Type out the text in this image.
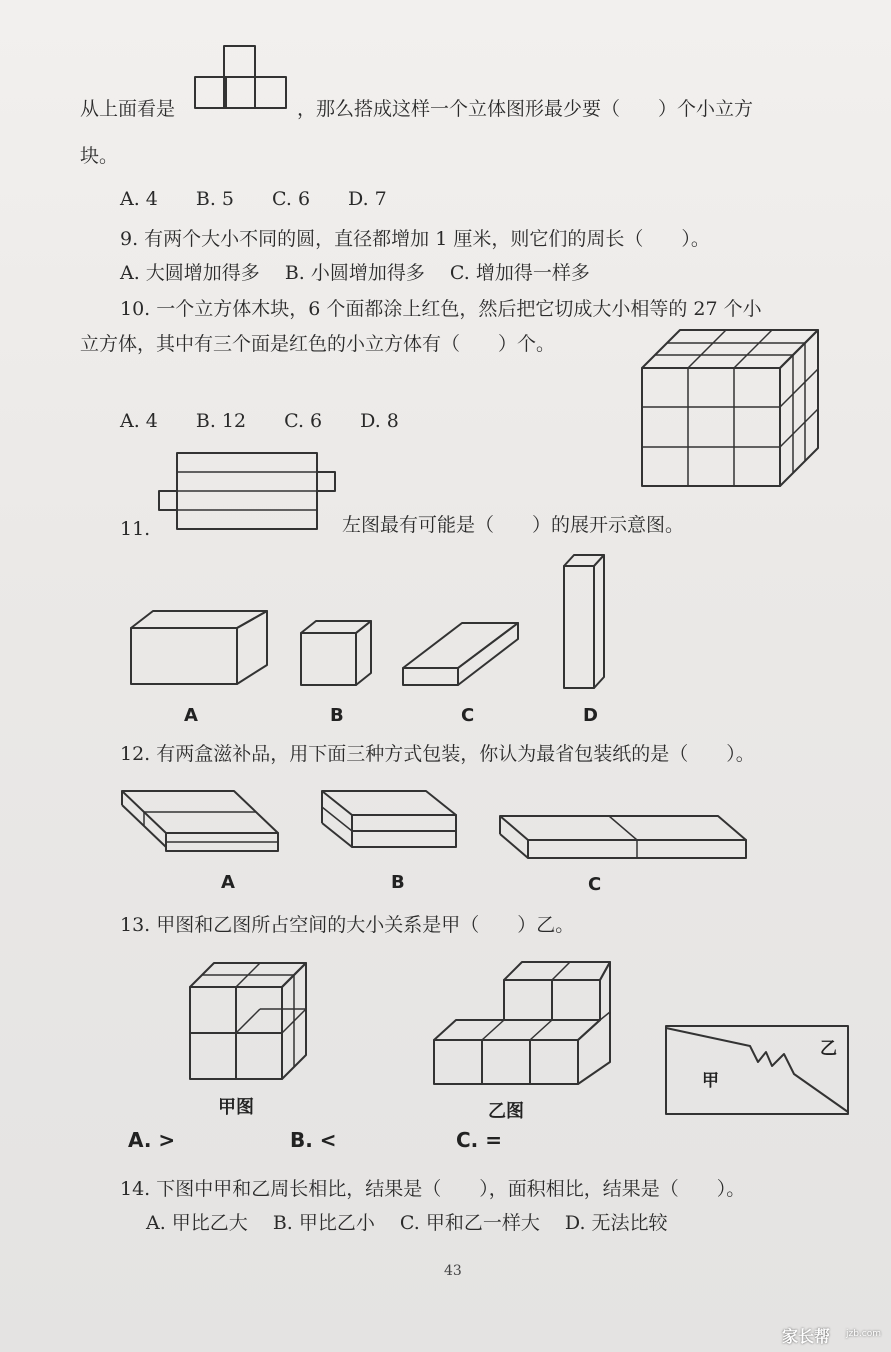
从上面看是	，那么搭成这样一个立体图形最少要（　　）个小立方
块。
A. 4　　B. 5　　C. 6　　D. 7
9. 有两个大小不同的圆，直径都增加 1 厘米，则它们的周长（　　）。
A. 大圆增加得多　 B. 小圆增加得多　 C. 增加得一样多
10. 一个立方体木块，6 个面都涂上红色，然后把它切成大小相等的 27 个小
立方体，其中有三个面是红色的小立方体有（　　）个。
A. 4　　B. 12　　C. 6　　D. 8
11.	左图最有可能是（　　）的展开示意图。
A	B	C	D
12. 有两盒滋补品，用下面三种方式包装，你认为最省包装纸的是（　　）。
A	B	C
13. 甲图和乙图所占空间的大小关系是甲（　　）乙。
甲图	乙图
A. >	B. <	C. =
甲
乙
14. 下图中甲和乙周长相比，结果是（　　），面积相比，结果是（　　）。
A. 甲比乙大　 B. 甲比乙小　 C. 甲和乙一样大　 D. 无法比较
43
家长帮 jzb.com
